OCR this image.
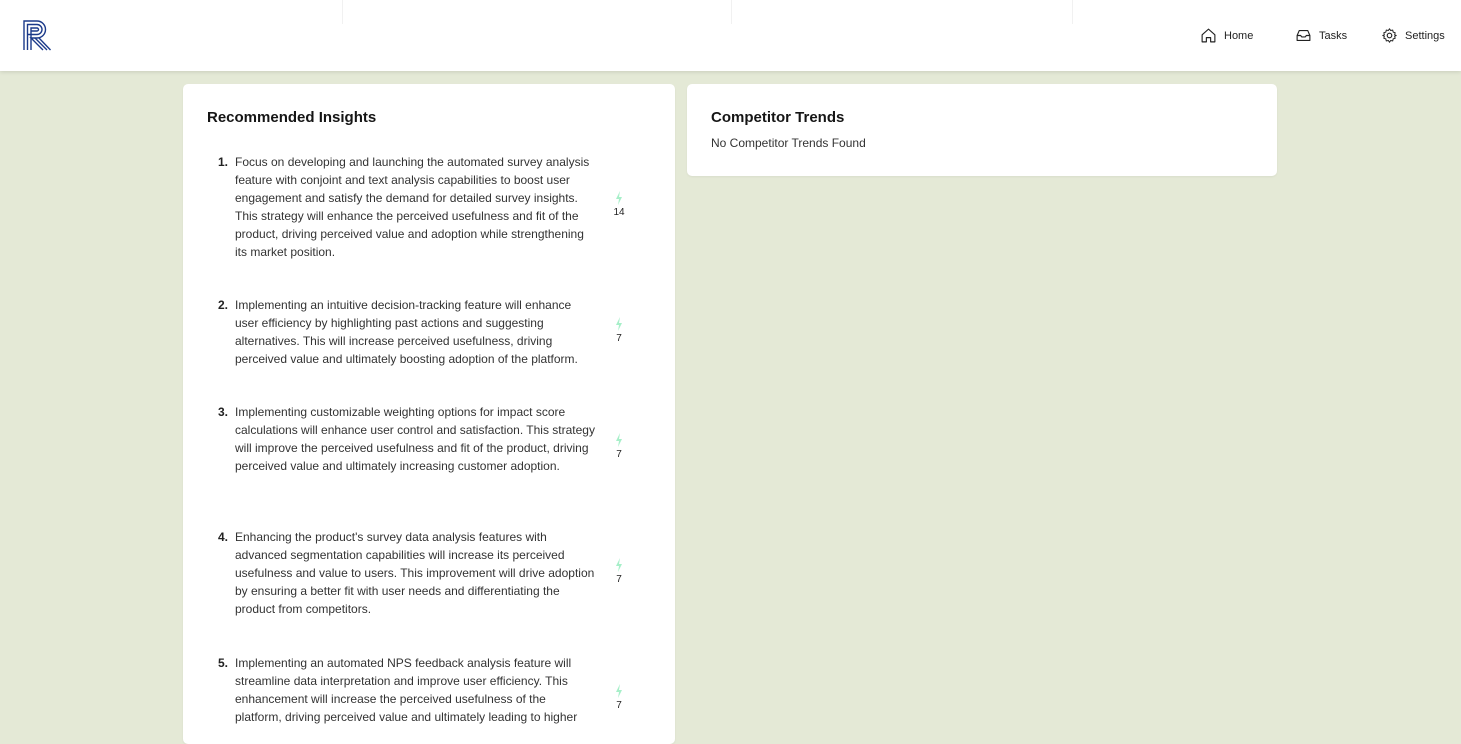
Home	Tasks	Settings
Recommended Insights
1. Focus on developing and launching the automated survey analysis feature with conjoint and text analysis capabilities to boost user engagement and satisfy the demand for detailed survey insights. This strategy will enhance the perceived usefulness and fit of the product, driving perceived value and adoption while strengthening its market position.
14
2. Implementing an intuitive decision-tracking feature will enhance user efficiency by highlighting past actions and suggesting alternatives. This will increase perceived usefulness, driving perceived value and ultimately boosting adoption of the platform.
7
3. Implementing customizable weighting options for impact score calculations will enhance user control and satisfaction. This strategy will improve the perceived usefulness and fit of the product, driving perceived value and ultimately increasing customer adoption.
7
4. Enhancing the product's survey data analysis features with advanced segmentation capabilities will increase its perceived usefulness and value to users. This improvement will drive adoption by ensuring a better fit with user needs and differentiating the product from competitors.
7
5. Implementing an automated NPS feedback analysis feature will streamline data interpretation and improve user efficiency. This enhancement will increase the perceived usefulness of the platform, driving perceived value and ultimately leading to higher
7
Competitor Trends
No Competitor Trends Found
